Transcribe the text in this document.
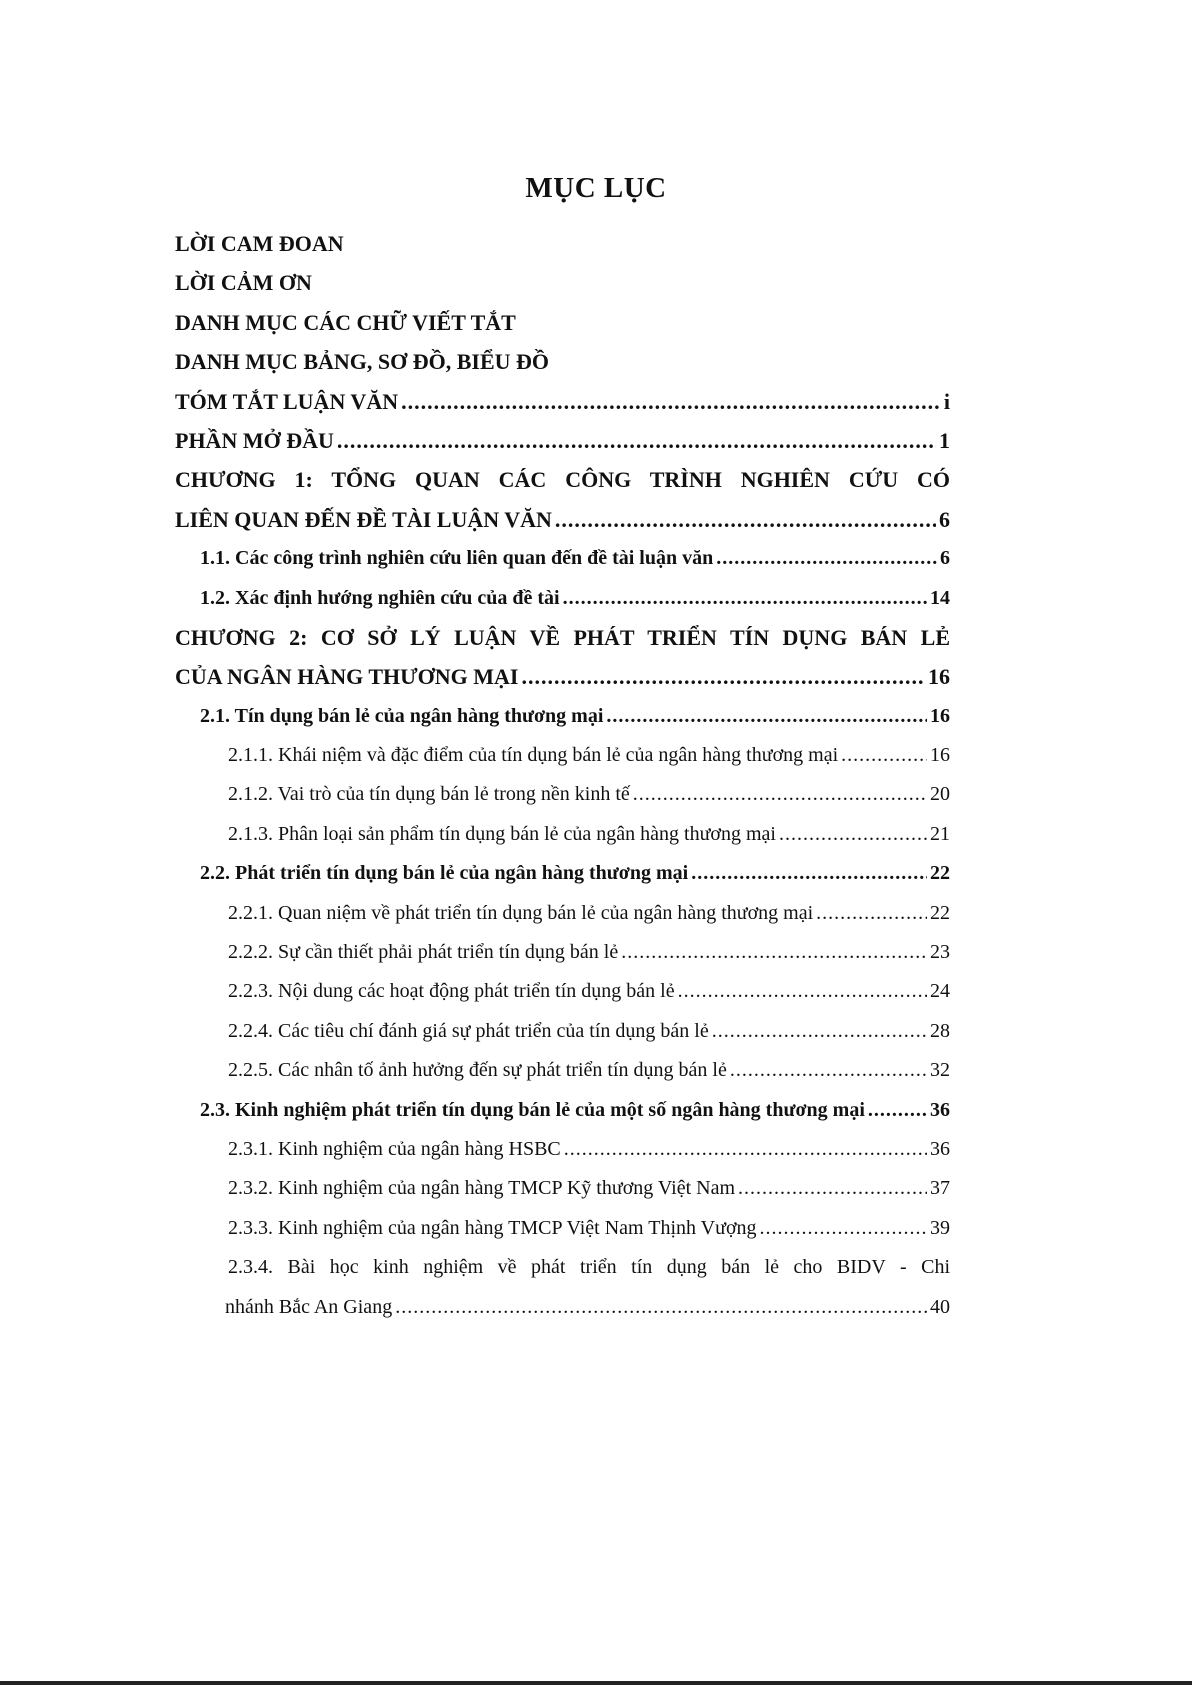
MỤC LỤC
LỜI CAM ĐOAN
LỜI CẢM ƠN
DANH MỤC CÁC CHỮ VIẾT TẮT
DANH MỤC BẢNG, SƠ ĐỒ, BIỂU ĐỒ
TÓM TẮT LUẬN VĂN .....	i
PHẦN MỞ ĐẦU .....	1
CHƯƠNG 1: TỔNG QUAN CÁC CÔNG TRÌNH NGHIÊN CỨU CÓ
LIÊN QUAN ĐẾN ĐỀ TÀI LUẬN VĂN .....	6
1.1. Các công trình nghiên cứu liên quan đến đề tài luận văn .....	6
1.2. Xác định hướng nghiên cứu của đề tài .....	14
CHƯƠNG 2: CƠ SỞ LÝ LUẬN VỀ PHÁT TRIỂN TÍN DỤNG BÁN LẺ
CỦA NGÂN HÀNG THƯƠNG MẠI .....	16
2.1. Tín dụng bán lẻ của ngân hàng thương mại .....	16
2.1.1. Khái niệm và đặc điểm của tín dụng bán lẻ của ngân hàng thương mại .....	16
2.1.2. Vai trò của tín dụng bán lẻ trong nền kinh tế .....	20
2.1.3. Phân loại sản phẩm tín dụng bán lẻ của ngân hàng thương mại .....	21
2.2. Phát triển tín dụng bán lẻ của ngân hàng thương mại .....	22
2.2.1. Quan niệm về phát triển tín dụng bán lẻ của ngân hàng thương mại .....	22
2.2.2. Sự cần thiết phải phát triển tín dụng bán lẻ .....	23
2.2.3. Nội dung các hoạt động phát triển tín dụng bán lẻ .....	24
2.2.4. Các tiêu chí đánh giá sự phát triển của tín dụng bán lẻ .....	28
2.2.5. Các nhân tố ảnh hưởng đến sự phát triển tín dụng bán lẻ .....	32
2.3. Kinh nghiệm phát triển tín dụng bán lẻ của một số ngân hàng thương mại .....	36
2.3.1. Kinh nghiệm của ngân hàng HSBC .....	36
2.3.2. Kinh nghiệm của ngân hàng TMCP Kỹ thương Việt Nam .....	37
2.3.3. Kinh nghiệm của ngân hàng TMCP Việt Nam Thịnh Vượng .....	39
2.3.4. Bài học kinh nghiệm về phát triển tín dụng bán lẻ cho BIDV - Chi
nhánh Bắc An Giang .....	40
